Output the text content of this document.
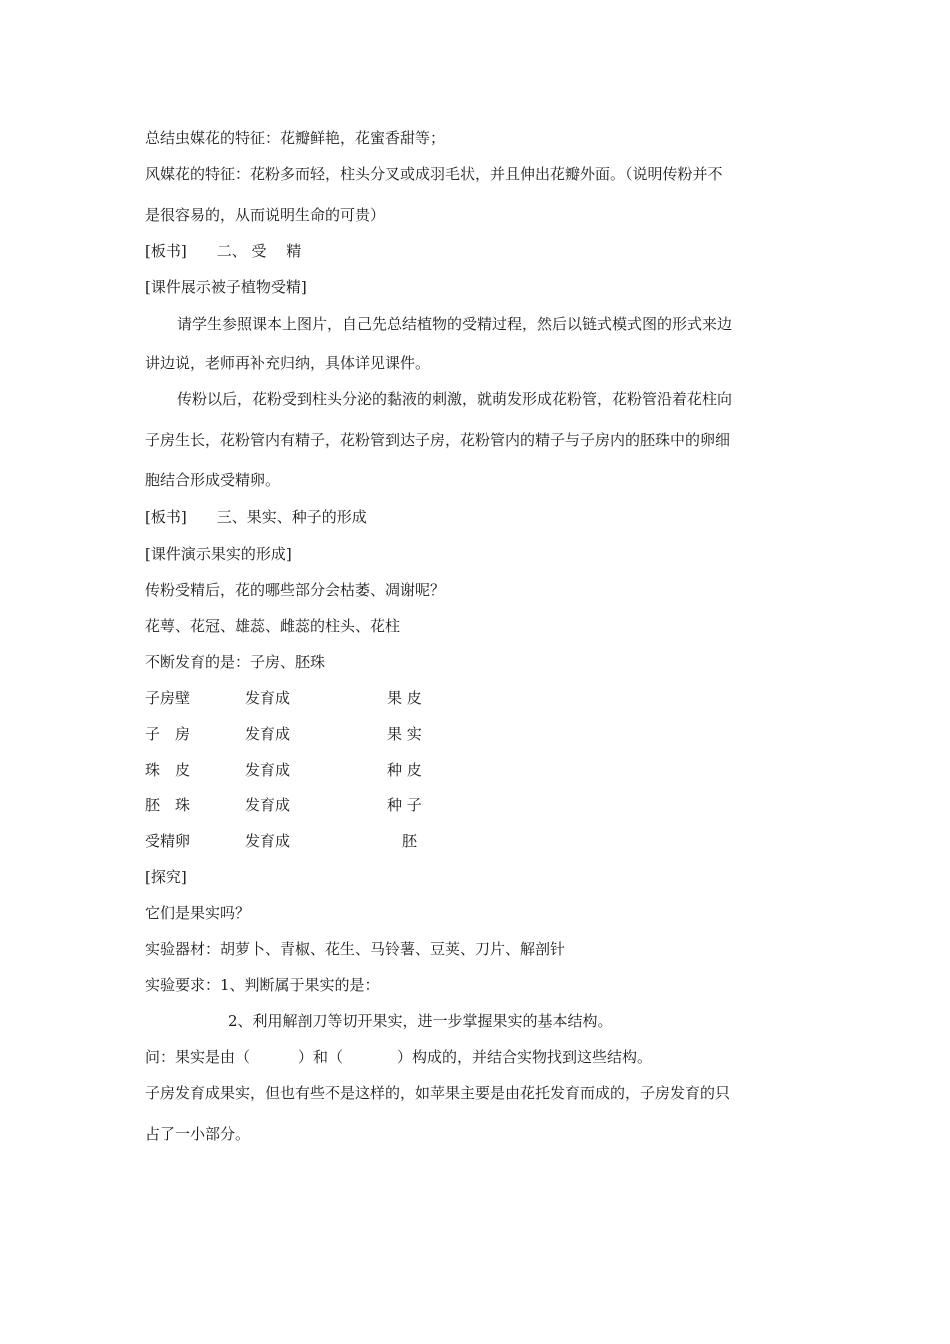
总结虫媒花的特征：花瓣鲜艳，花蜜香甜等；

风媒花的特征：花粉多而轻，柱头分叉或成羽毛状，并且伸出花瓣外面。（说明传粉并不

是很容易的，从而说明生命的可贵）

[板书]　　二、 受　 精

[课件展示被子植物受精]

请学生参照课本上图片，自己先总结植物的受精过程，然后以链式模式图的形式来边

讲边说，老师再补充归纳，具体详见课件。

传粉以后，花粉受到柱头分泌的黏液的刺激，就萌发形成花粉管，花粉管沿着花柱向

子房生长，花粉管内有精子，花粉管到达子房，花粉管内的精子与子房内的胚珠中的卵细

胞结合形成受精卵。

[板书]　　三、果实、种子的形成

[课件演示果实的形成]

传粉受精后，花的哪些部分会枯萎、凋谢呢？

花萼、花冠、雄蕊、雌蕊的柱头、花柱

不断发育的是：子房、胚珠

子房壁	发育成	果 皮
子　房	发育成	果 实
珠　皮	发育成	种 皮
胚　珠	发育成	种 子
受精卵	发育成	　胚

[探究]

它们是果实吗？

实验器材：胡萝卜、青椒、花生、马铃薯、豆荚、刀片、解剖针

实验要求：1、判断属于果实的是：

2、利用解剖刀等切开果实，进一步掌握果实的基本结构。

问：果实是由（	）和（	）构成的，并结合实物找到这些结构。

子房发育成果实，但也有些不是这样的，如苹果主要是由花托发育而成的，子房发育的只

占了一小部分。
